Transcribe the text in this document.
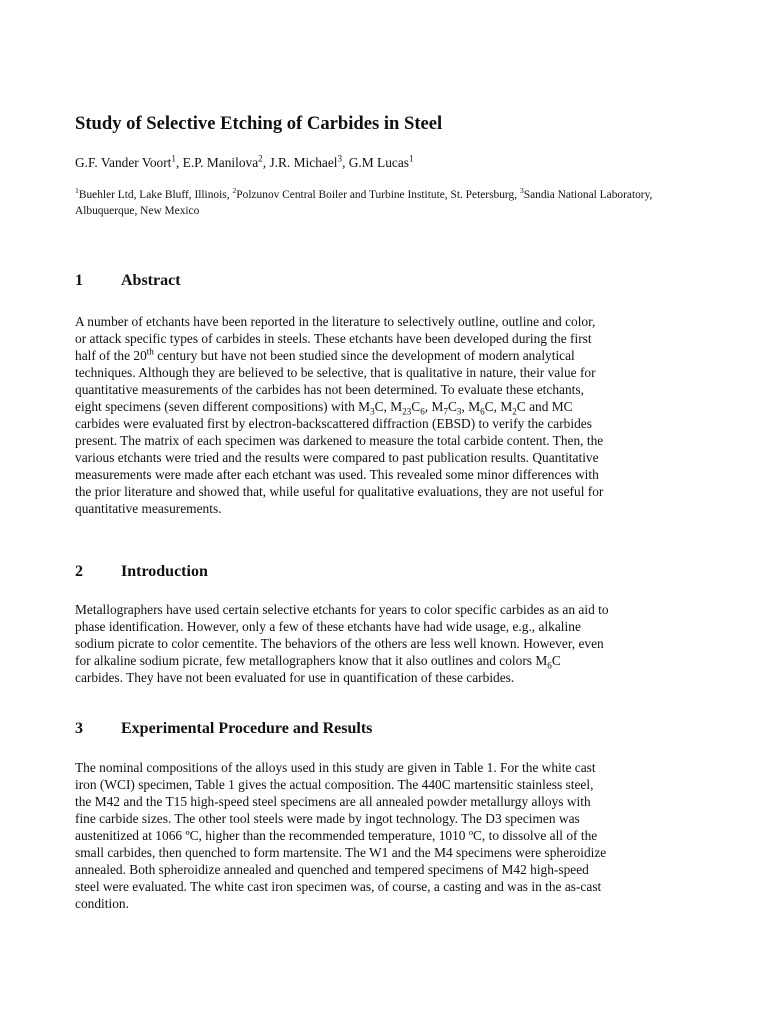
Study of Selective Etching of Carbides in Steel
G.F. Vander Voort$^1$, E.P. Manilova$^2$, J.R. Michael$^3$, G.M Lucas$^1$
$^1$Buehler Ltd, Lake Bluff, Illinois, $^2$Polzunov Central Boiler and Turbine Institute, St. Petersburg, $^3$Sandia National Laboratory, Albuquerque, New Mexico
1 Abstract
A number of etchants have been reported in the literature to selectively outline, outline and color,
or attack specific types of carbides in steels. These etchants have been developed during the first
half of the 20th century but have not been studied since the development of modern analytical
techniques. Although they are believed to be selective, that is qualitative in nature, their value for
quantitative measurements of the carbides has not been determined. To evaluate these etchants,
eight specimens (seven different compositions) with $M_3C$, $M_{23}C_6$, $M_7C_3$, $M_6C$, $M_2C$ and MC
carbides were evaluated first by electron-backscattered diffraction (EBSD) to verify the carbides
present. The matrix of each specimen was darkened to measure the total carbide content. Then, the
various etchants were tried and the results were compared to past publication results. Quantitative
measurements were made after each etchant was used. This revealed some minor differences with
the prior literature and showed that, while useful for qualitative evaluations, they are not useful for
quantitative measurements.
2 Introduction
Metallographers have used certain selective etchants for years to color specific carbides as an aid to
phase identification. However, only a few of these etchants have had wide usage, e.g., alkaline
sodium picrate to color cementite. The behaviors of the others are less well known. However, even
for alkaline sodium picrate, few metallographers know that it also outlines and colors $M_6C$
carbides. They have not been evaluated for use in quantification of these carbides.
3 Experimental Procedure and Results
The nominal compositions of the alloys used in this study are given in Table 1. For the white cast
iron (WCI) specimen, Table 1 gives the actual composition. The 440C martensitic stainless steel,
the M42 and the T15 high-speed steel specimens are all annealed powder metallurgy alloys with
fine carbide sizes. The other tool steels were made by ingot technology. The D3 specimen was
austenitized at 1066 ºC, higher than the recommended temperature, 1010 ºC, to dissolve all of the
small carbides, then quenched to form martensite. The W1 and the M4 specimens were spheroidize
annealed. Both spheroidize annealed and quenched and tempered specimens of M42 high-speed
steel were evaluated. The white cast iron specimen was, of course, a casting and was in the as-cast
condition.
